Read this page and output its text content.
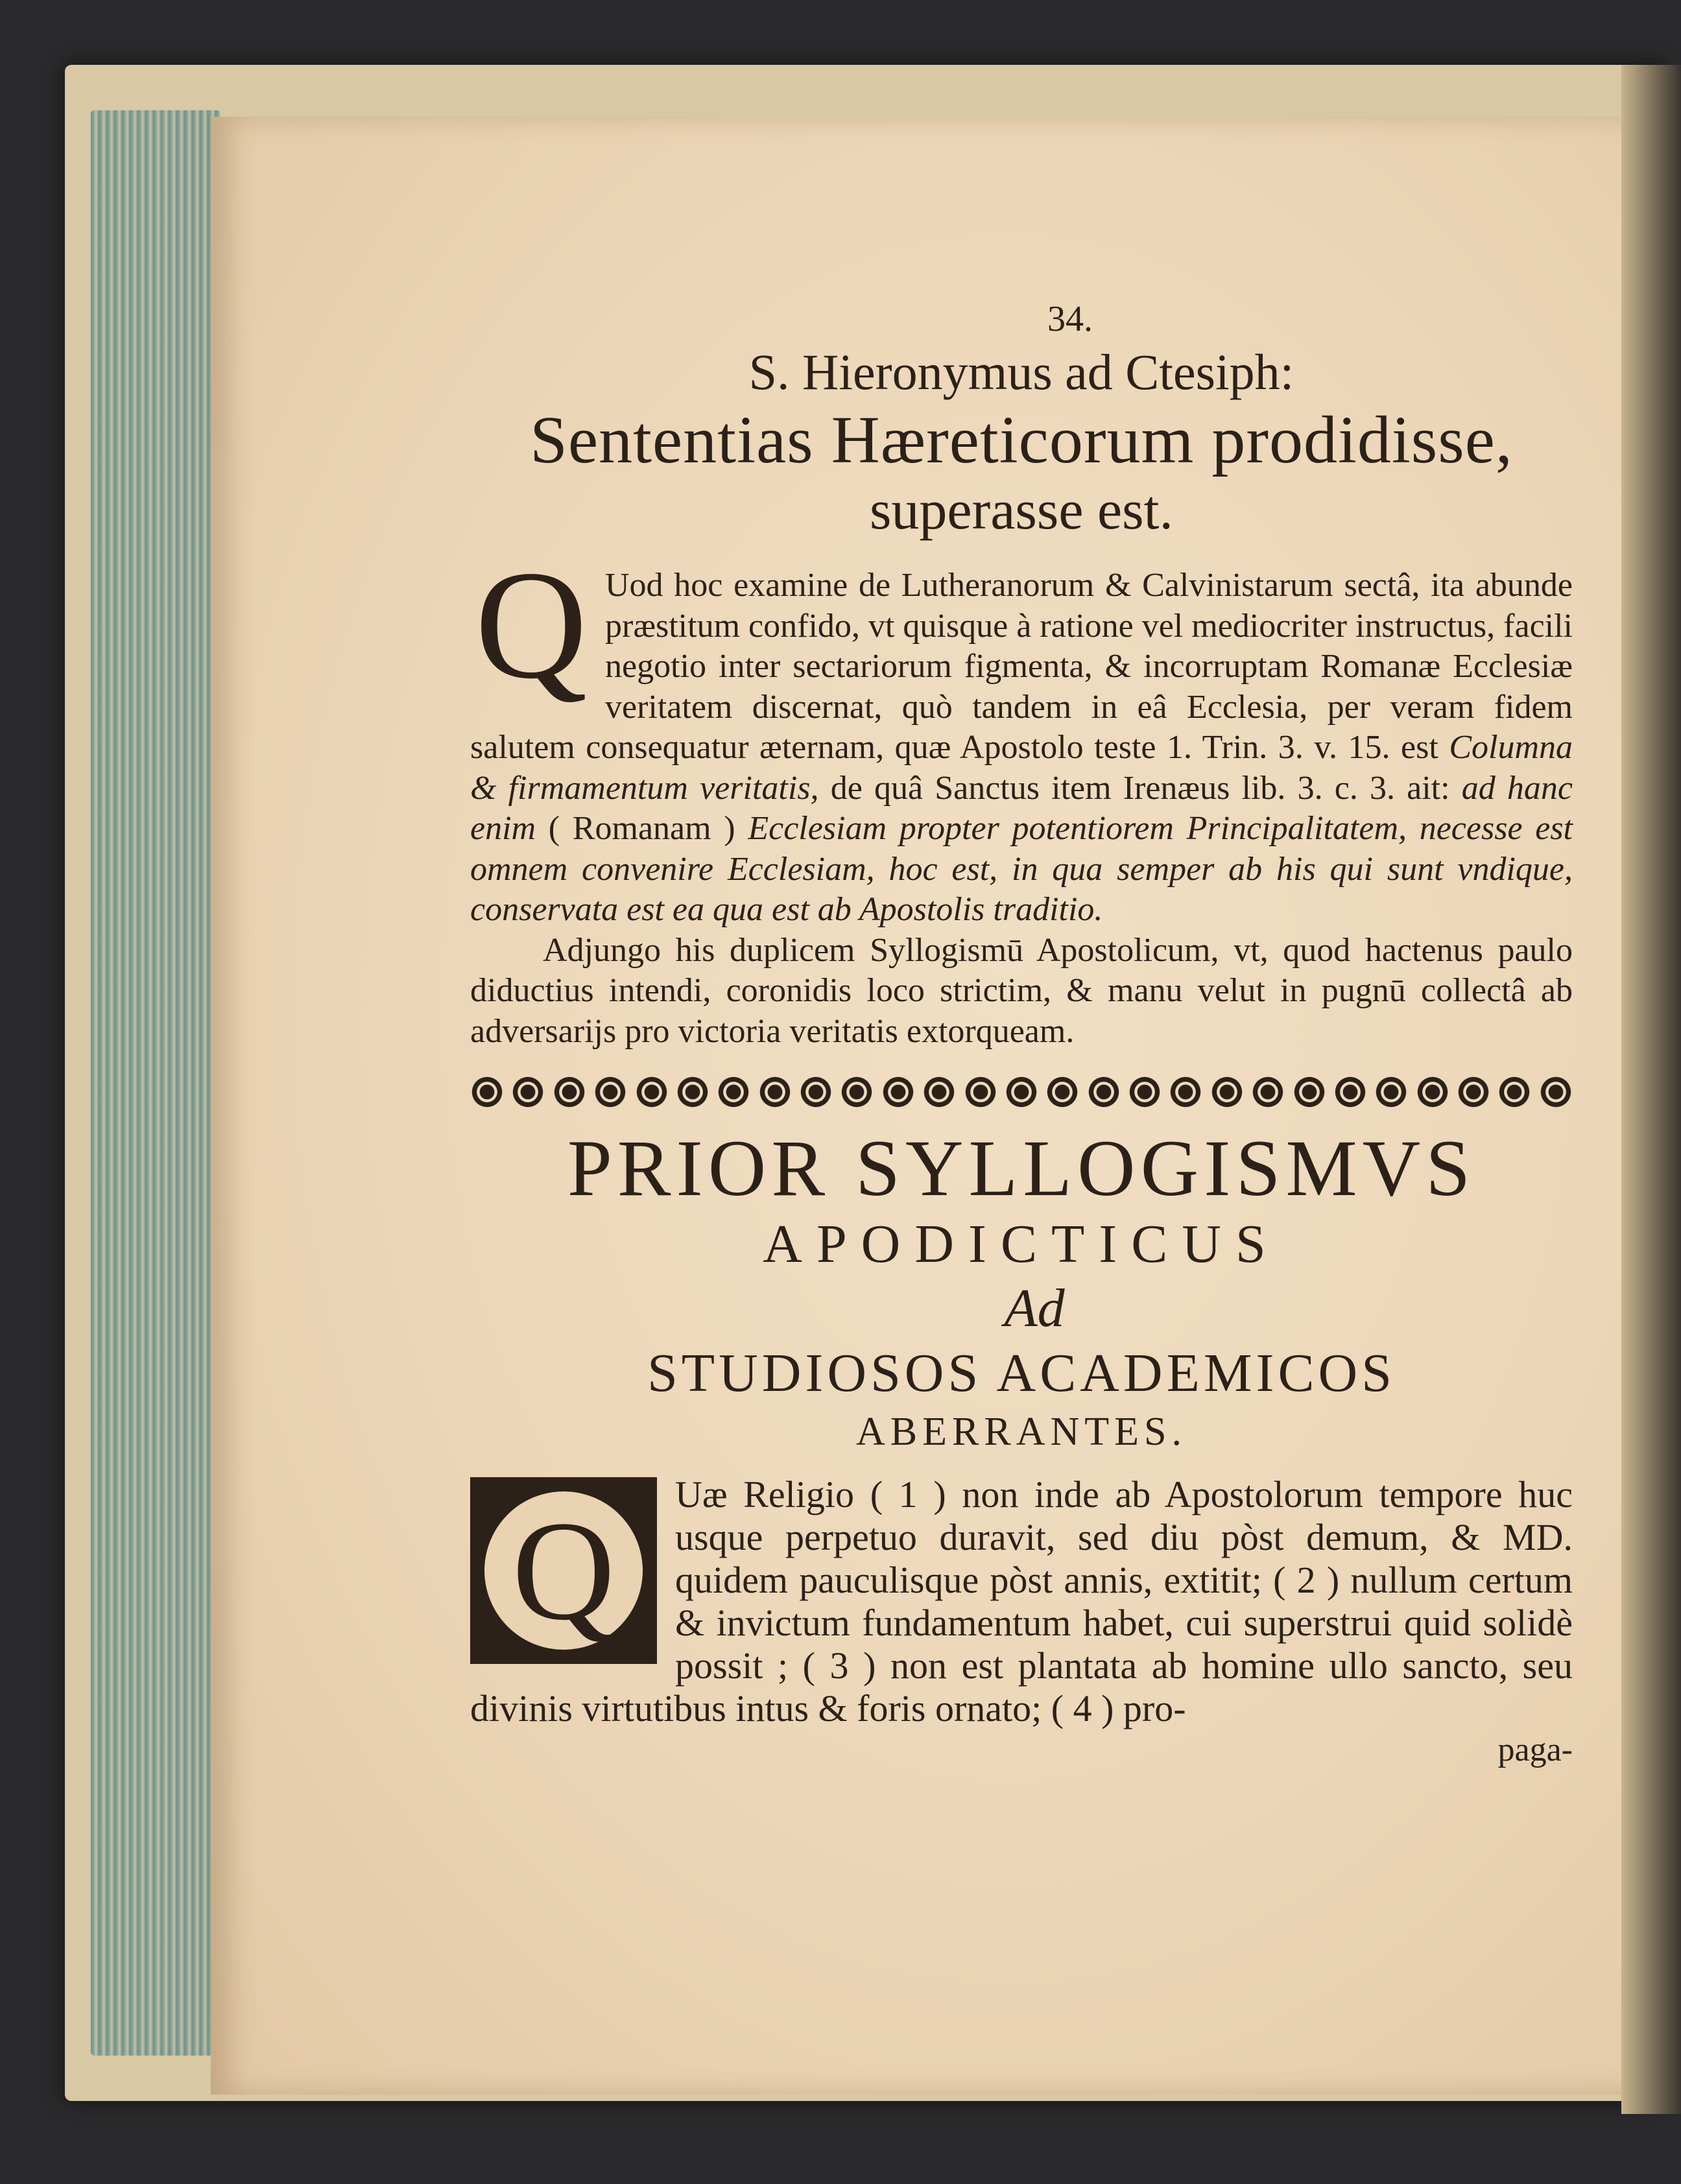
34.
S. Hieronymus ad Ctesiph:
Sententias Hæreticorum prodidisse,
superasse est.
Q Uod hoc examine de Lutheranorum & Calvinistarum sectâ, ita abunde præstitum confido, vt quisque à ratione vel mediocriter instructus, facili negotio inter sectariorum figmenta, & incorruptam Romanæ Ecclesiæ veritatem discernat, quò tandem in eâ Ecclesia, per veram fidem salutem consequatur æternam, quæ Apostolo teste 1. Trin. 3. v. 15. est Columna & firmamentum veritatis, de quâ Sanctus item Irenæus lib. 3. c. 3. ait: ad hanc enim ( Romanam ) Ecclesiam propter potentiorem Principalitatem, necesse est omnem convenire Ecclesiam, hoc est, in qua semper ab his qui sunt vndique, conservata est ea qua est ab Apostolis traditio.
Adjungo his duplicem Syllogismū Apostolicum, vt, quod hactenus paulo diductius intendi, coronidis loco strictim, & manu velut in pugnū collectâ ab adversarijs pro victoria veritatis extorqueam.
PRIOR SYLLOGISMVS
APODICTICUS
Ad
STUDIOSOS ACADEMICOS
ABERRANTES.
Q	Uæ Religio ( 1 ) non inde ab Apostolorum tempore huc usque perpetuo duravit, sed diu pòst demum, & MD. quidem pauculisque pòst annis, extitit; ( 2 ) nullum certum & invictum fundamentum habet, cui superstrui quid solidè possit ; ( 3 ) non est plantata ab homine ullo sancto, seu divinis virtutibus intus & foris ornato; ( 4 ) pro-
paga-
